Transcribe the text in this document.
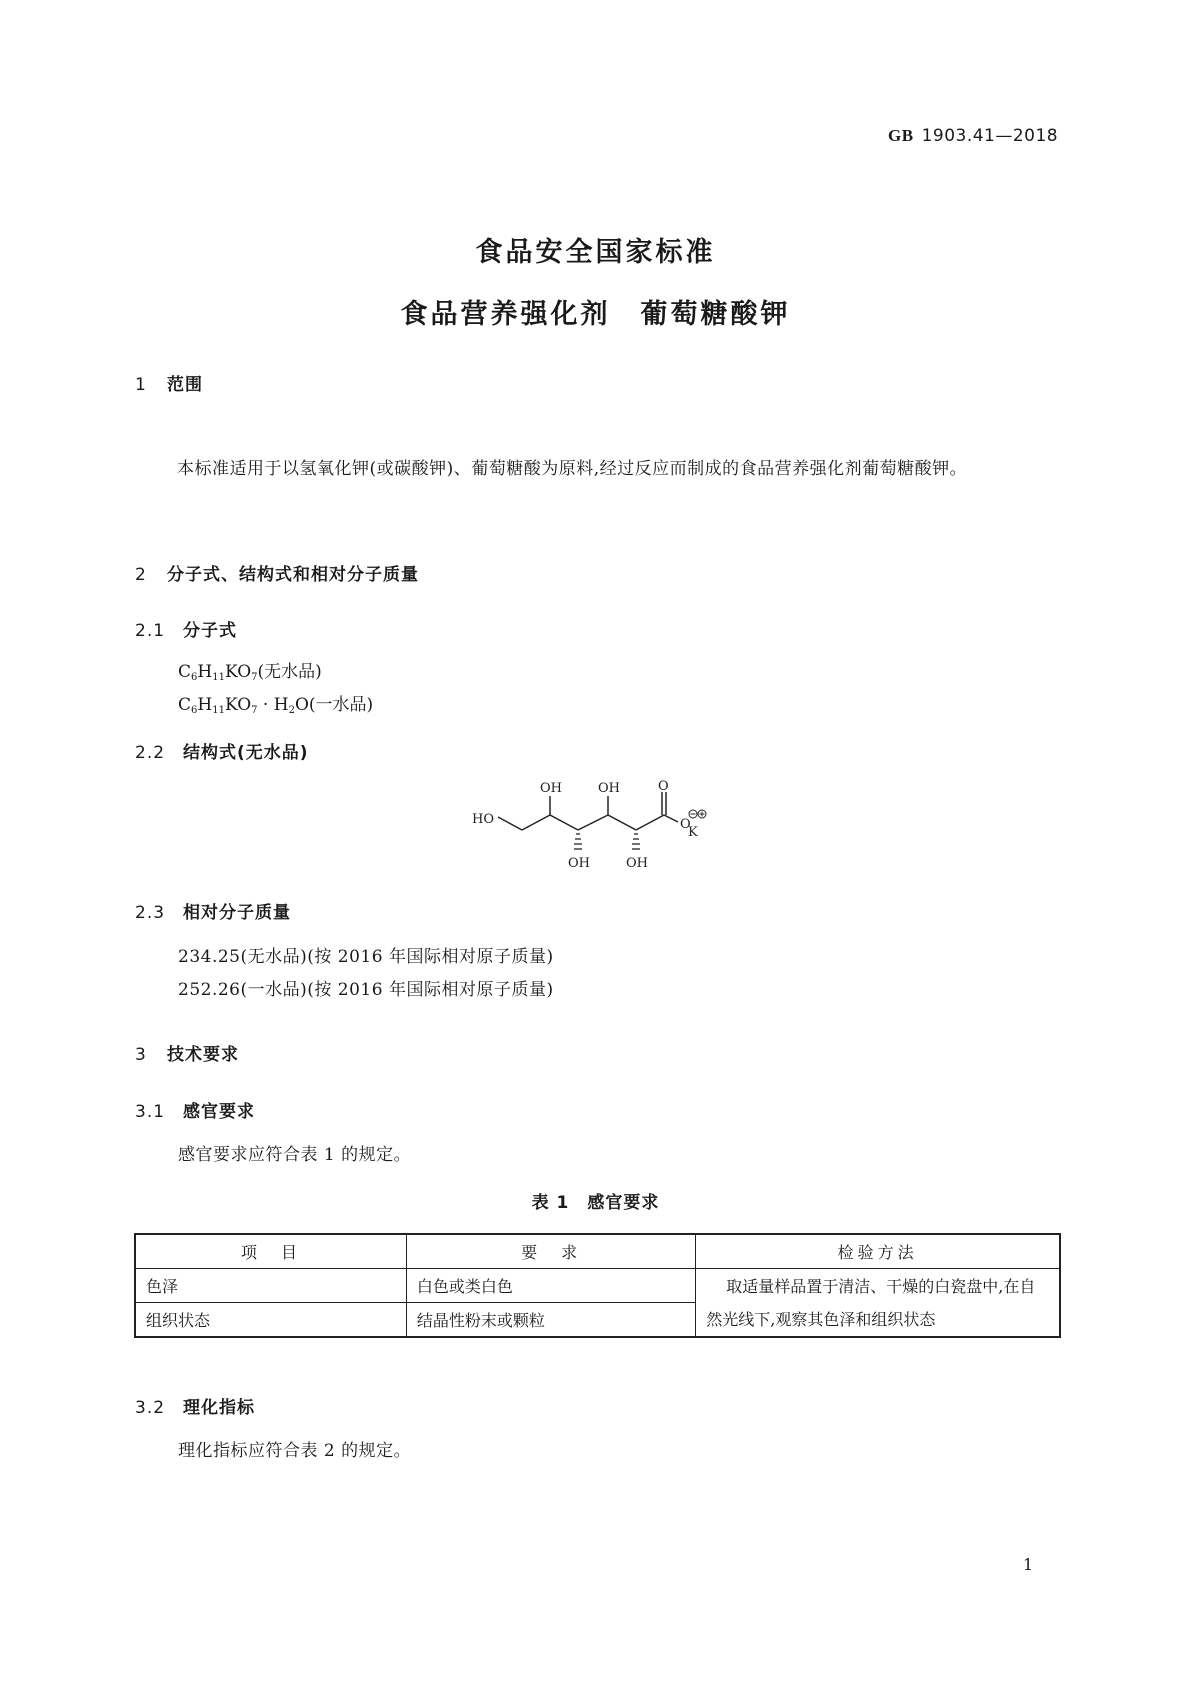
GB 1903.41—2018
食品安全国家标准
食品营养强化剂　葡萄糖酸钾
1 范围
本标准适用于以氢氧化钾(或碳酸钾)、葡萄糖酸为原料,经过反应而制成的食品营养强化剂葡萄糖酸钾。
2 分子式、结构式和相对分子质量
2.1 分子式
$C_6H_{11}KO_7$(无水品)
$C_6H_{11}KO_7 \cdot H_2O$(一水品)
2.2 结构式(无水品)
HO
OH	OH	O
OH	OH
O
K
2.3 相对分子质量
234.25(无水品)(按 2016 年国际相对原子质量)
252.26(一水品)(按 2016 年国际相对原子质量)
3 技术要求
3.1 感官要求
感官要求应符合表 1 的规定。
表 1　感官要求
项　目	要　求	检验方法
色泽	白色或类白色	取适量样品置于清洁、干燥的白瓷盘中,在自然光线下,观察其色泽和组织状态
组织状态	结晶性粉末或颗粒	
3.2 理化指标
理化指标应符合表 2 的规定。
1
